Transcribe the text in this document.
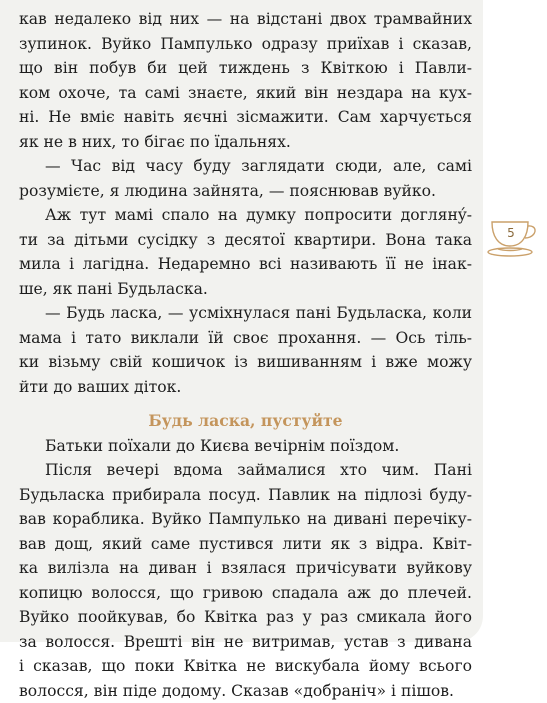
кав недалеко від них — на відстані двох трамвайних

зупинок. Вуйко Пампулько одразу приїхав і сказав,

що він побув би цей тиждень з Квіткою і Павли-

ком охоче, та самі знаєте, який він нездара на кух-

ні. Не вміє навіть яєчні зісмажити. Сам харчується

як не в них, то бігає по їдальнях.

— Час від часу буду заглядати сюди, але, самі

розумієте, я людина зайнята, — пояснював вуйко.

Аж тут мамі спало на думку попросити доглянý-

ти за дітьми сусідку з десятої квартири. Вона така

мила і лагідна. Недаремно всі називають її не інак-

ше, як пані Будьласка.

— Будь ласка, — усміхнулася пані Будьласка, коли

мама і тато виклали їй своє прохання. — Ось тіль-

ки візьму свій кошичок із вишиванням і вже можу

йти до ваших діток.

Будь ласка, пустуйте

Батьки поїхали до Києва вечірнім поїздом.

Після вечері вдома займалися хто чим. Пані

Будьласка прибирала посуд. Павлик на підлозі буду-

вав кораблика. Вуйко Пампулько на дивані перечіку-

вав дощ, який саме пустився лити як з відра. Квіт-

ка вилізла на диван і взялася причісувати вуйкову

копицю волосся, що гривою спадала аж до плечей.

Вуйко поойкував, бо Квітка раз у раз смикала його

за волосся. Врешті він не витримав, устав з дивана

і сказав, що поки Квітка не вискубала йому всього

волосся, він піде додому. Сказав «добраніч» і пішов.

5
